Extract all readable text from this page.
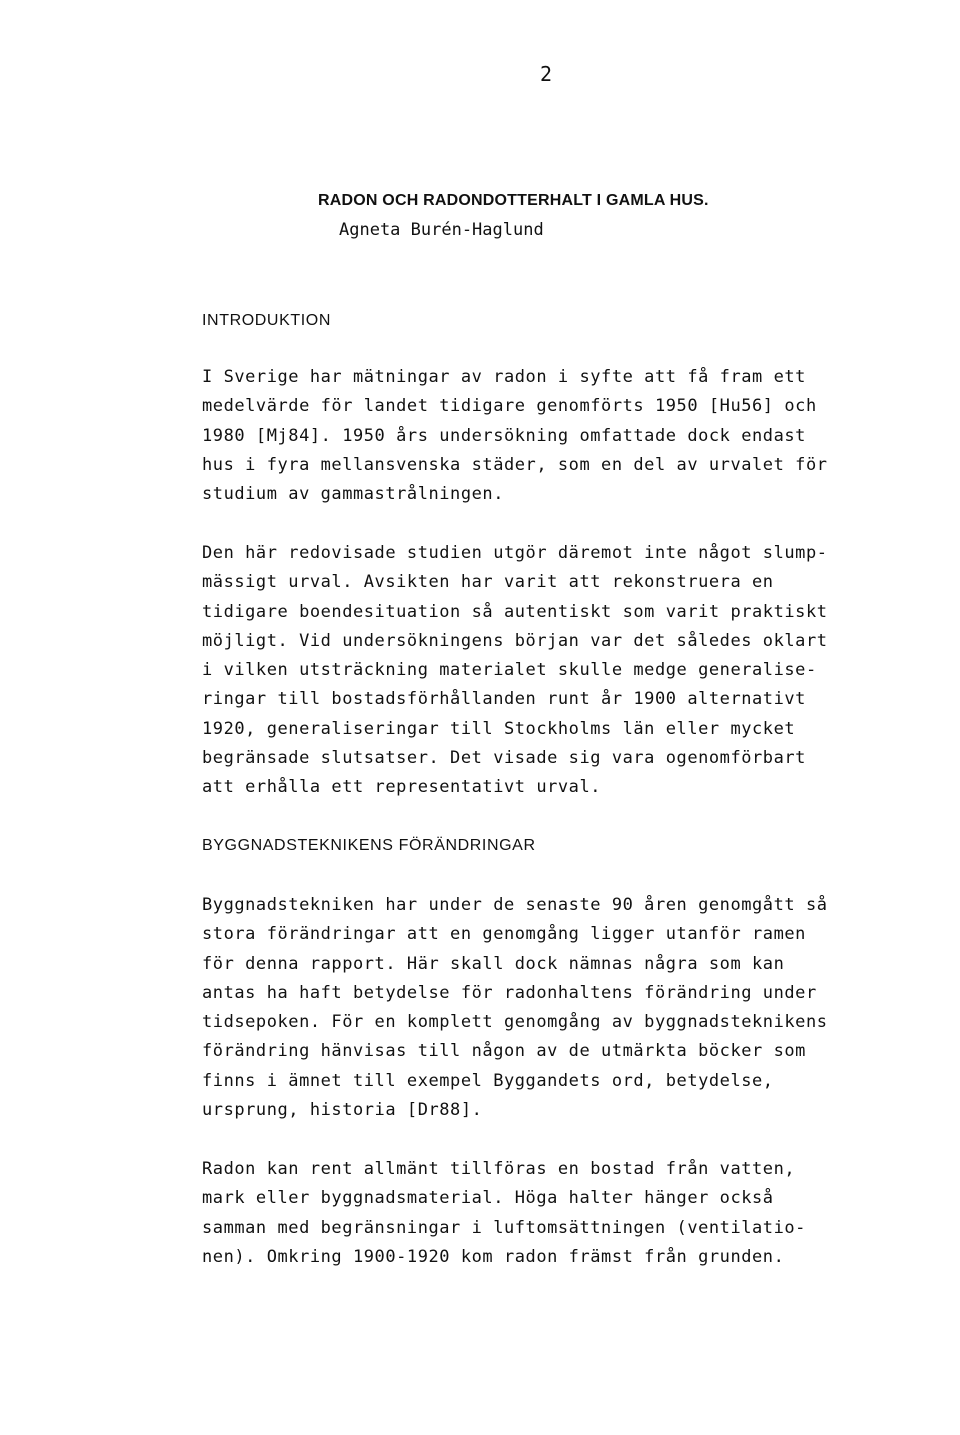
2
RADON OCH RADONDOTTERHALT I GAMLA HUS.
Agneta Burén-Haglund
INTRODUKTION
I Sverige har mätningar av radon i syfte att få fram ett
medelvärde för landet tidigare genomförts 1950 [Hu56] och
1980 [Mj84]. 1950 års undersökning omfattade dock endast
hus i fyra mellansvenska städer, som en del av urvalet för
studium av gammastrålningen.
Den här redovisade studien utgör däremot inte något slump-
mässigt urval. Avsikten har varit att rekonstruera en
tidigare boendesituation så autentiskt som varit praktiskt
möjligt. Vid undersökningens början var det således oklart
i vilken utsträckning materialet skulle medge generalise-
ringar till bostadsförhållanden runt år 1900 alternativt
1920, generaliseringar till Stockholms län eller mycket
begränsade slutsatser. Det visade sig vara ogenomförbart
att erhålla ett representativt urval.
BYGGNADSTEKNIKENS FÖRÄNDRINGAR
Byggnadstekniken har under de senaste 90 åren genomgått så
stora förändringar att en genomgång ligger utanför ramen
för denna rapport. Här skall dock nämnas några som kan
antas ha haft betydelse för radonhaltens förändring under
tidsepoken. För en komplett genomgång av byggnadsteknikens
förändring hänvisas till någon av de utmärkta böcker som
finns i ämnet till exempel Byggandets ord, betydelse,
ursprung, historia [Dr88].
Radon kan rent allmänt tillföras en bostad från vatten,
mark eller byggnadsmaterial. Höga halter hänger också
samman med begränsningar i luftomsättningen (ventilatio-
nen). Omkring 1900-1920 kom radon främst från grunden.
